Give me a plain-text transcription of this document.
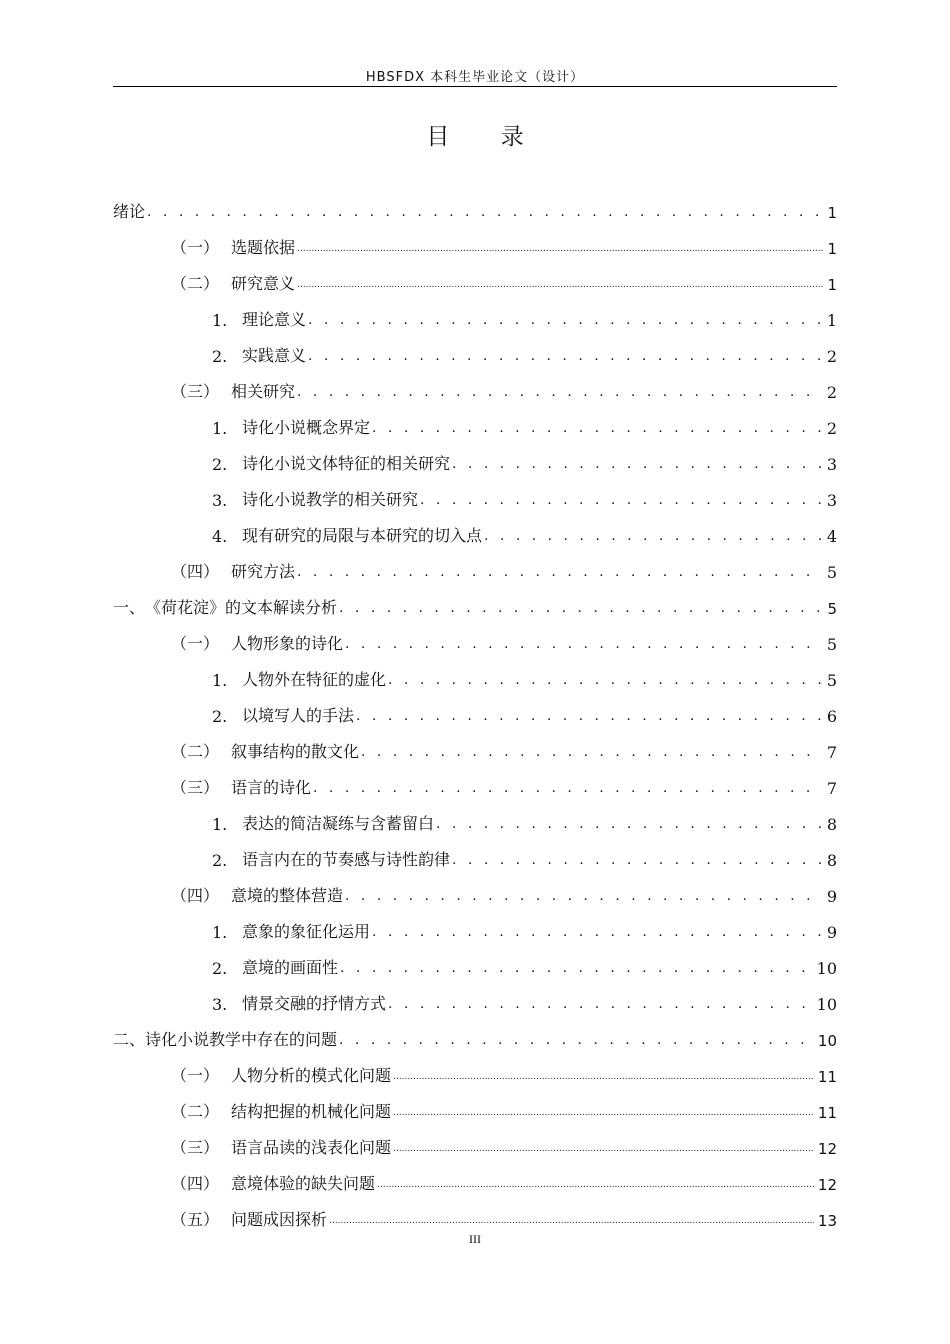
HBSFDX 本科生毕业论文（设计）
目 录
绪论 . . .	1
（一） 选题依据 .....	1
（二） 研究意义 .....	1
1. 理论意义 . . .	1
2. 实践意义 . . .	2
（三） 相关研究 . . .	2
1. 诗化小说概念界定 . . .	2
2. 诗化小说文体特征的相关研究 . . .	3
3. 诗化小说教学的相关研究 . . .	3
4. 现有研究的局限与本研究的切入点 . . .	4
（四） 研究方法 . . .	5
一、 《荷花淀》的文本解读分析 . . .	5
（一） 人物形象的诗化 . . .	5
1. 人物外在特征的虚化 . . .	5
2. 以境写人的手法 . . .	6
（二） 叙事结构的散文化 . . .	7
（三） 语言的诗化 . . .	7
1. 表达的简洁凝练与含蓄留白 . . .	8
2. 语言内在的节奏感与诗性韵律 . . .	8
（四） 意境的整体营造 . . .	9
1. 意象的象征化运用 . . .	9
2. 意境的画面性 . . .	10
3. 情景交融的抒情方式 . . .	10
二、 诗化小说教学中存在的问题 . . .	10
（一） 人物分析的模式化问题 .....	11
（二） 结构把握的机械化问题 .....	11
（三） 语言品读的浅表化问题 .....	12
（四） 意境体验的缺失问题 .....	12
（五） 问题成因探析 .....	13
III
